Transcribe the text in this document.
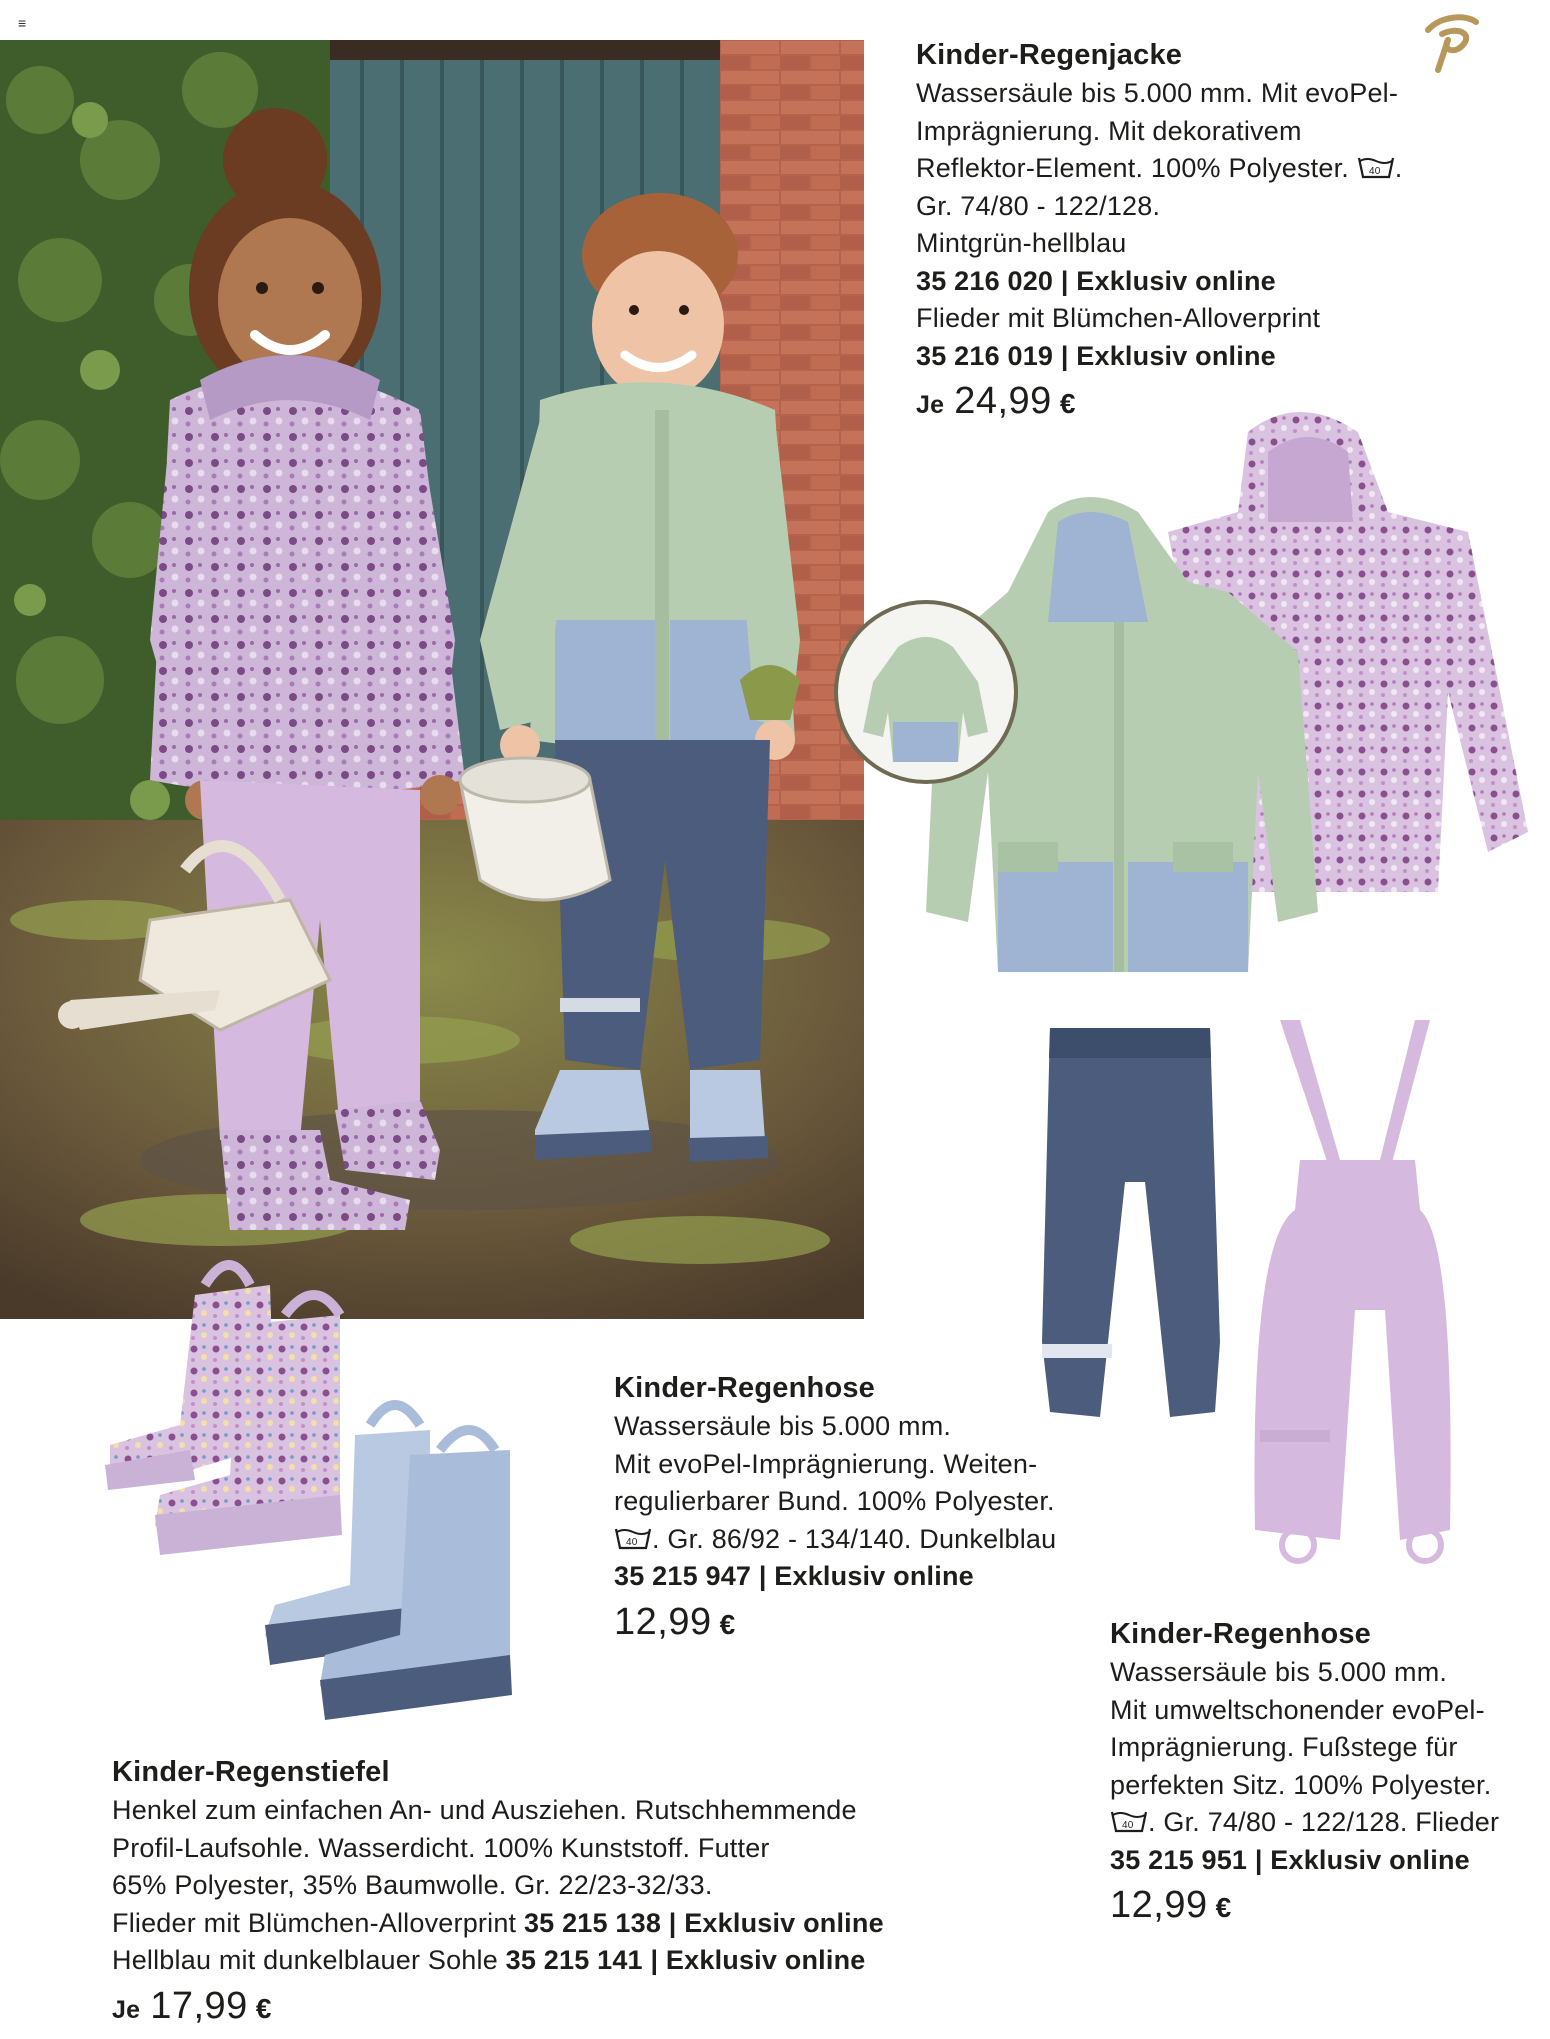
≡
Kinder-Regenjacke
Wassersäule bis 5.000 mm. Mit evoPel-
Imprägnierung. Mit dekorativem
Reflektor-Element. 100% Polyester. 40 .
Gr. 74/80 - 122/128.
Mintgrün-hellblau
35 216 020 | Exklusiv online
Flieder mit Blümchen-Alloverprint
35 216 019 | Exklusiv online
Je 24,99 €
Kinder-Regenhose
Wassersäule bis 5.000 mm.
Mit evoPel-Imprägnierung. Weiten-
regulierbarer Bund. 100% Polyester.
40 . Gr. 86/92 - 134/140. Dunkelblau
35 215 947 | Exklusiv online
12,99 €	Kinder-Regenhose
Wassersäule bis 5.000 mm.
Mit umweltschonender evoPel-
Imprägnierung. Fußstege für
perfekten Sitz. 100% Polyester.
40 . Gr. 74/80 - 122/128. Flieder
35 215 951 | Exklusiv online
12,99 €
Kinder-Regenstiefel
Henkel zum einfachen An- und Ausziehen. Rutschhemmende
Profil-Laufsohle. Wasserdicht. 100% Kunststoff. Futter
65% Polyester, 35% Baumwolle. Gr. 22/23-32/33.
Flieder mit Blümchen-Alloverprint 35 215 138 | Exklusiv online
Hellblau mit dunkelblauer Sohle 35 215 141 | Exklusiv online
Je 17,99 €
